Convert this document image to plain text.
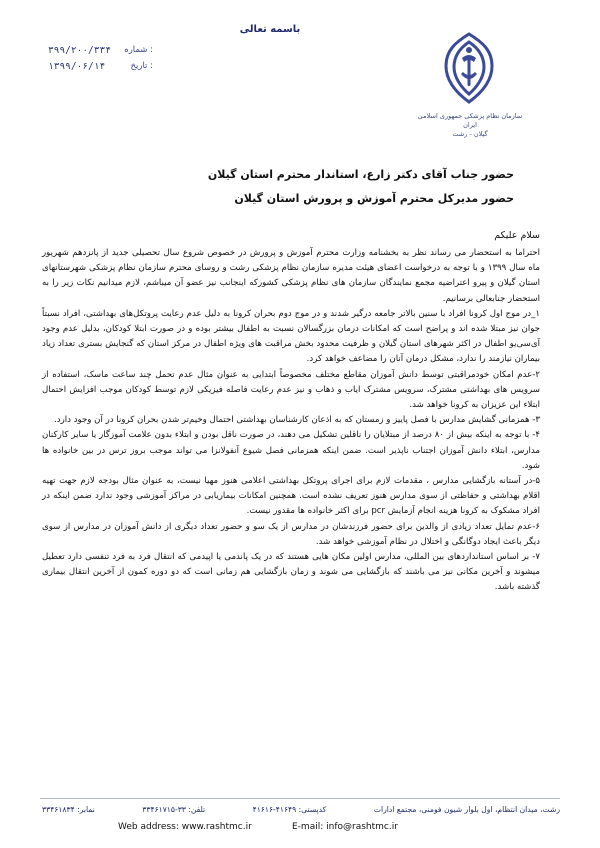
باسمه تعالی
۳۹۹/۲۰۰/۳۳۴ شماره :
۱۳۹۹/۰۶/۱۴	تاریخ :
سازمان نظام پزشکی جمهوری اسلامی ایران
گیلان - رشت

حضور جناب آقای دکتر زارع، استاندار محترم استان گیلان

حضور مدیرکل محترم آموزش و پرورش استان گیلان

سلام علیکم

احتراما به استحضار می رساند نظر به بخشنامه وزارت محترم آموزش و پرورش در خصوص شروع سال تحصیلی جدید از پانزدهم شهریور ماه سال ۱۳۹۹ و با توجه به درخواست اعضای هیئت مدیره سازمان نظام پزشکی رشت و روسای محترم سازمان نظام پزشکی شهرستانهای استان گیلان و پیرو اعتراضیه مجمع نمایندگان سازمان های نظام پزشکی کشورکه اینجانب نیز عضو آن میباشم، لازم میدانیم نکات زیر را به استحضار جنابعالی برسانیم.

۱_در موج اول کرونا افراد با سنین بالاتر جامعه درگیر شدند و در موج دوم بحران کرونا به دلیل عدم رعایت پروتکل‌های بهداشتی، افراد نسبتاً جوان نیز مبتلا شده اند و پراضح است که امکانات درمان بزرگسالان نسبت به اطفال بیشتر بوده و در صورت ابتلا کودکان، بدلیل عدم وجود آی‌سی‌یو اطفال در اکثر شهرهای استان گیلان و ظرفیت محدود بخش مراقبت های ویژه اطفال در مرکز استان که گنجایش بستری تعداد زیاد بیماران نیازمند را ندارد، مشکل درمان آنان را مضاعف خواهد کرد.

۲-عدم امکان خودمراقبتی توسط دانش آموزان مقاطع مختلف مخصوصاً ابتدایی به عنوان مثال عدم تحمل چند ساعت ماسک، استفاده از سرویس های بهداشتی مشترک، سرویس مشترک ایاب و ذهاب و نیز عدم رعایت فاصله فیزیکی لازم توسط کودکان موجب افزایش احتمال ابتلاء این عزیزان به کرونا خواهد شد.

۳- همزمانی گشایش مدارس با فصل پاییز و زمستان که به اذعان کارشناسان بهداشتی احتمال وخیم‌تر شدن بحران کرونا در آن وجود دارد.

۴- با توجه به اینکه بیش از ۸۰ درصد از مبتلایان را ناقلین تشکیل می دهند، در صورت ناقل بودن و ابتلاء بدون علامت آموزگار یا سایر کارکنان مدارس، ابتلاء دانش آموزان اجتناب ناپذیر است. ضمن اینکه همزمانی فصل شیوع آنفولانزا می تواند موجب بروز ترس در بین خانواده ها شود.

۵-در آستانه بازگشایی مدارس ، مقدمات لازم برای اجرای پروتکل بهداشتی اعلامی هنوز مهیا نیست، به عنوان مثال بودجه لازم جهت تهیه اقلام بهداشتی و حفاظتی از سوی مدارس هنوز تعریف نشده است. همچنین امکانات بیماریابی در مراکز آموزشی وجود ندارد ضمن اینکه در افراد مشکوک به کرونا هزینه انجام آزمایش pcr برای اکثر خانواده ها مقدور نیست.

۶-عدم تمایل تعداد زیادی از والدین برای حضور فرزندشان در مدارس از یک سو و حضور تعداد دیگری از دانش آموزان در مدارس از سوی دیگر باعث ایجاد دوگانگی و اختلال در نظام آموزشی خواهد شد.

۷- بر اساس استانداردهای بین المللی، مدارس اولین مکان هایی هستند که در یک پاندمی یا اپیدمی که انتقال فرد به فرد تنفسی دارد تعطیل میشوند و آخرین مکانی نیز می باشند که بازگشایی می شوند و زمان بازگشایی هم زمانی است که دو دوره کمون از آخرین انتقال بیماری گذشته باشد.

رشت، میدان انتظام، اول بلوار شیون فومنی، مجتمع ادارات
کدپستی: ۴۱۶۴۹-۴۱۶۱۶
تلفن: ۳۳-۳۳۴۶۱۷۱۵
نمابر: ۳۳۴۶۱۸۳۴
Web address: www.rashtmc.ir	E-mail: info@rashtmc.ir
